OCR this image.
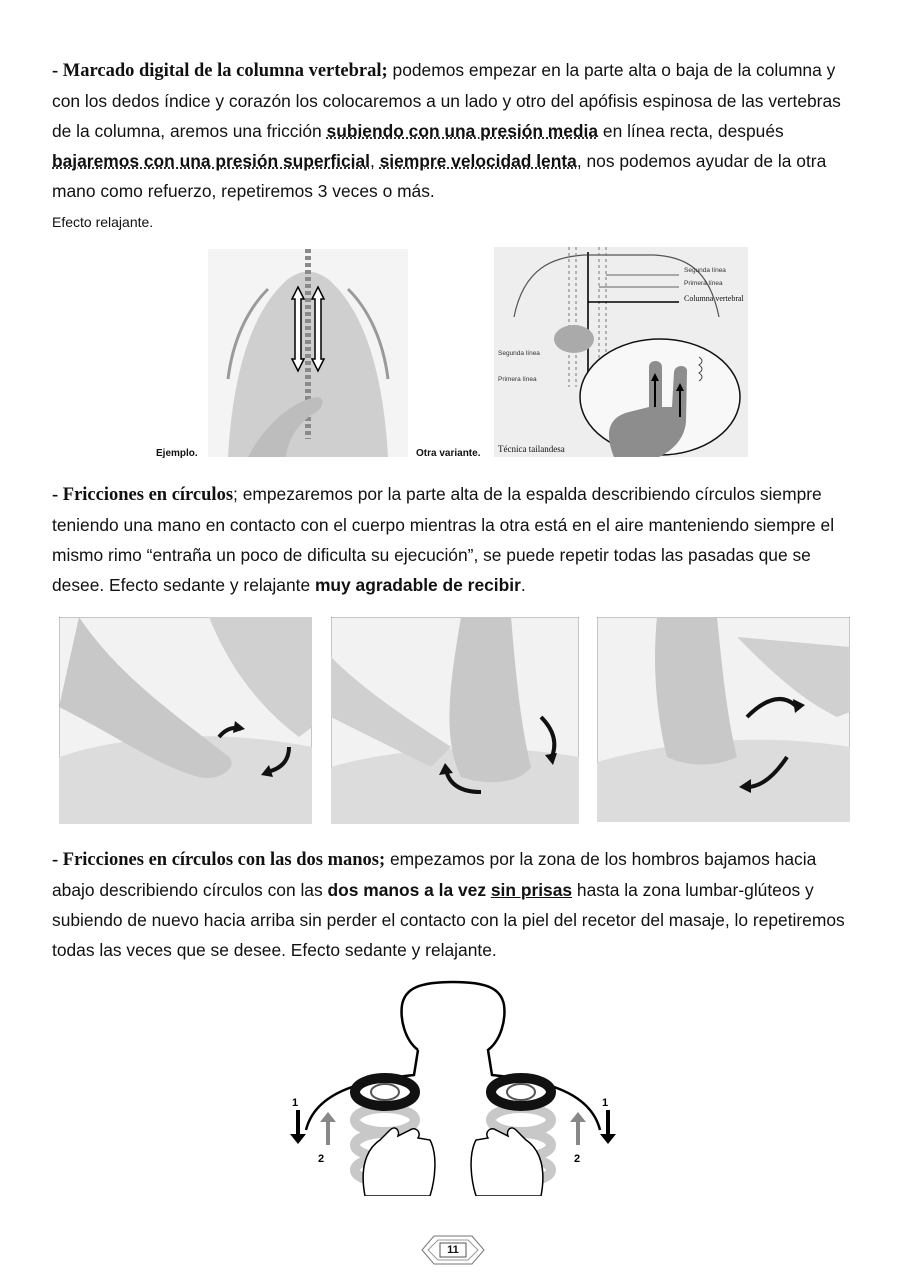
- Marcado digital de la columna vertebral; podemos empezar en la parte alta o baja de la columna y con los dedos índice y corazón los colocaremos a un lado y otro del apófisis espinosa de las vertebras de la columna, aremos una fricción subiendo con una presión media en línea recta, después bajaremos con una presión superficial, siempre velocidad lenta, nos podemos ayudar de la otra mano como refuerzo, repetiremos 3 veces o más.
Efecto relajante.
Ejemplo.
Segunda línea
Primera línea
Columna vertebral
Segunda línea
Primera línea
Técnica tailandesa
Otra variante.
- Fricciones en círculos; empezaremos por la parte alta de la espalda describiendo círculos siempre teniendo una mano en contacto con el cuerpo mientras la otra está en el aire manteniendo siempre el mismo rimo “entraña un poco de dificulta su ejecución”, se puede repetir todas las pasadas que se desee. Efecto sedante y relajante muy agradable de recibir.
- Fricciones en círculos con las dos manos; empezamos por la zona de los hombros bajamos hacia abajo describiendo círculos con las dos manos a la vez sin prisas hasta la zona lumbar-glúteos y subiendo de nuevo hacia arriba sin perder el contacto con la piel del recetor del masaje, lo repetiremos todas las veces que se desee. Efecto sedante y relajante.
1
2
1
2
11
